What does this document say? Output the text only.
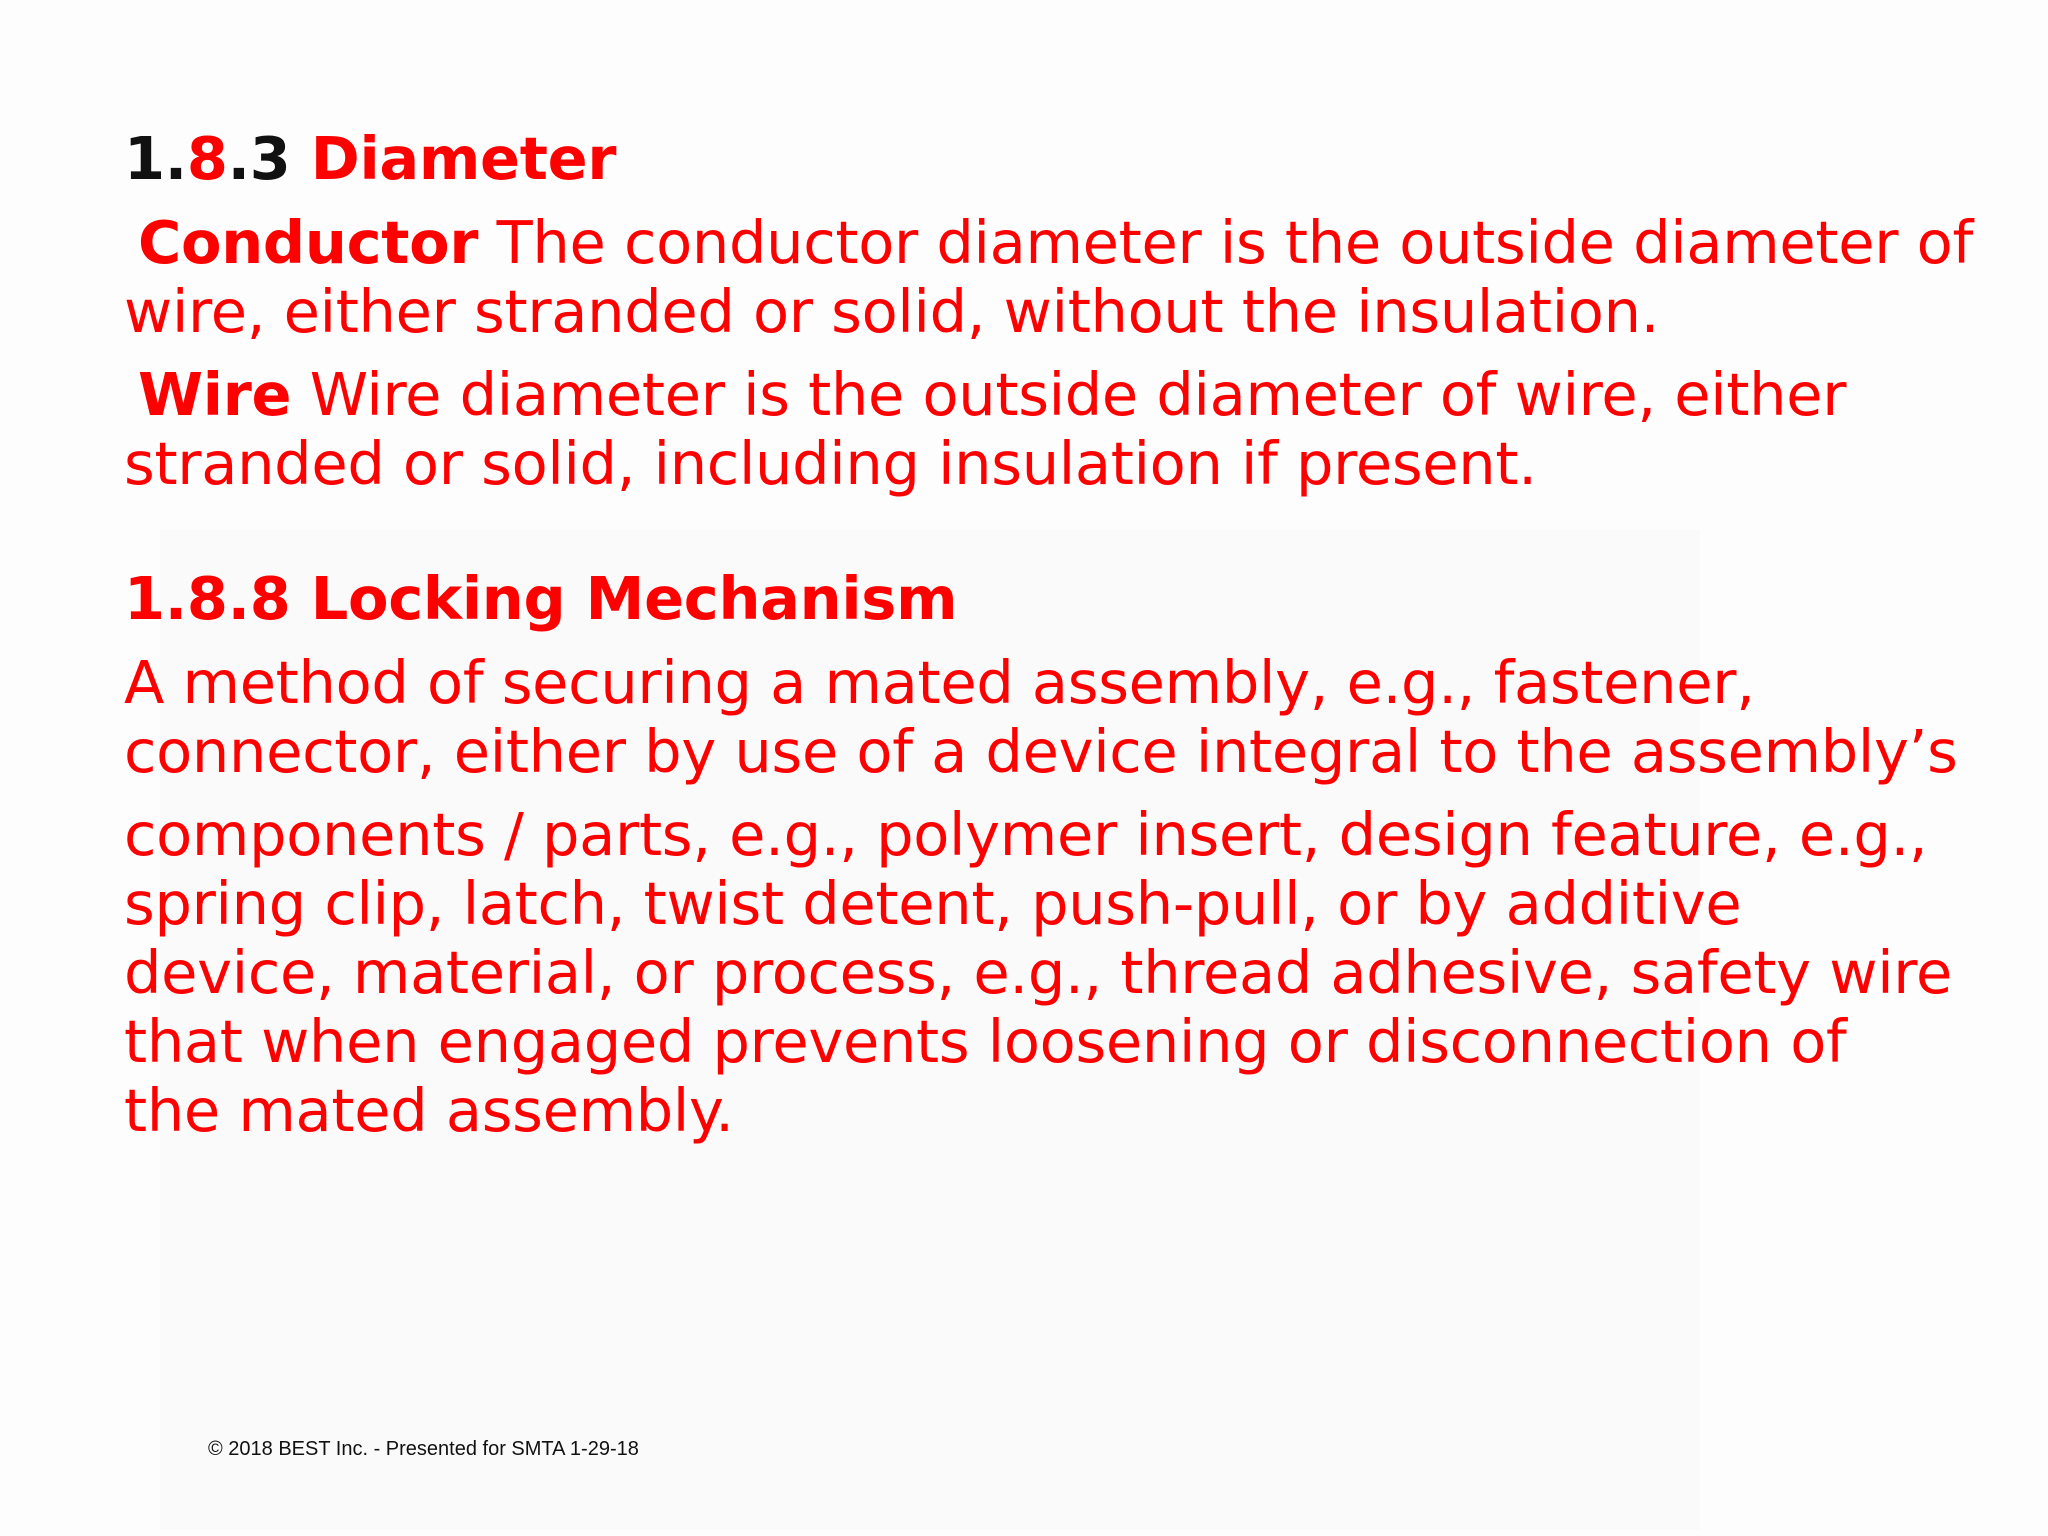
1.8.3 Diameter

Conductor The conductor diameter is the outside diameter of
wire, either stranded or solid, without the insulation.

Wire Wire diameter is the outside diameter of wire, either
stranded or solid, including insulation if present.

1.8.8 Locking Mechanism

A method of securing a mated assembly, e.g., fastener,
connector, either by use of a device integral to the assembly’s

components / parts, e.g., polymer insert, design feature, e.g.,
spring clip, latch, twist detent, push-pull, or by additive
device, material, or process, e.g., thread adhesive, safety wire
that when engaged prevents loosening or disconnection of
the mated assembly.

© 2018 BEST Inc. - Presented for SMTA 1-29-18
